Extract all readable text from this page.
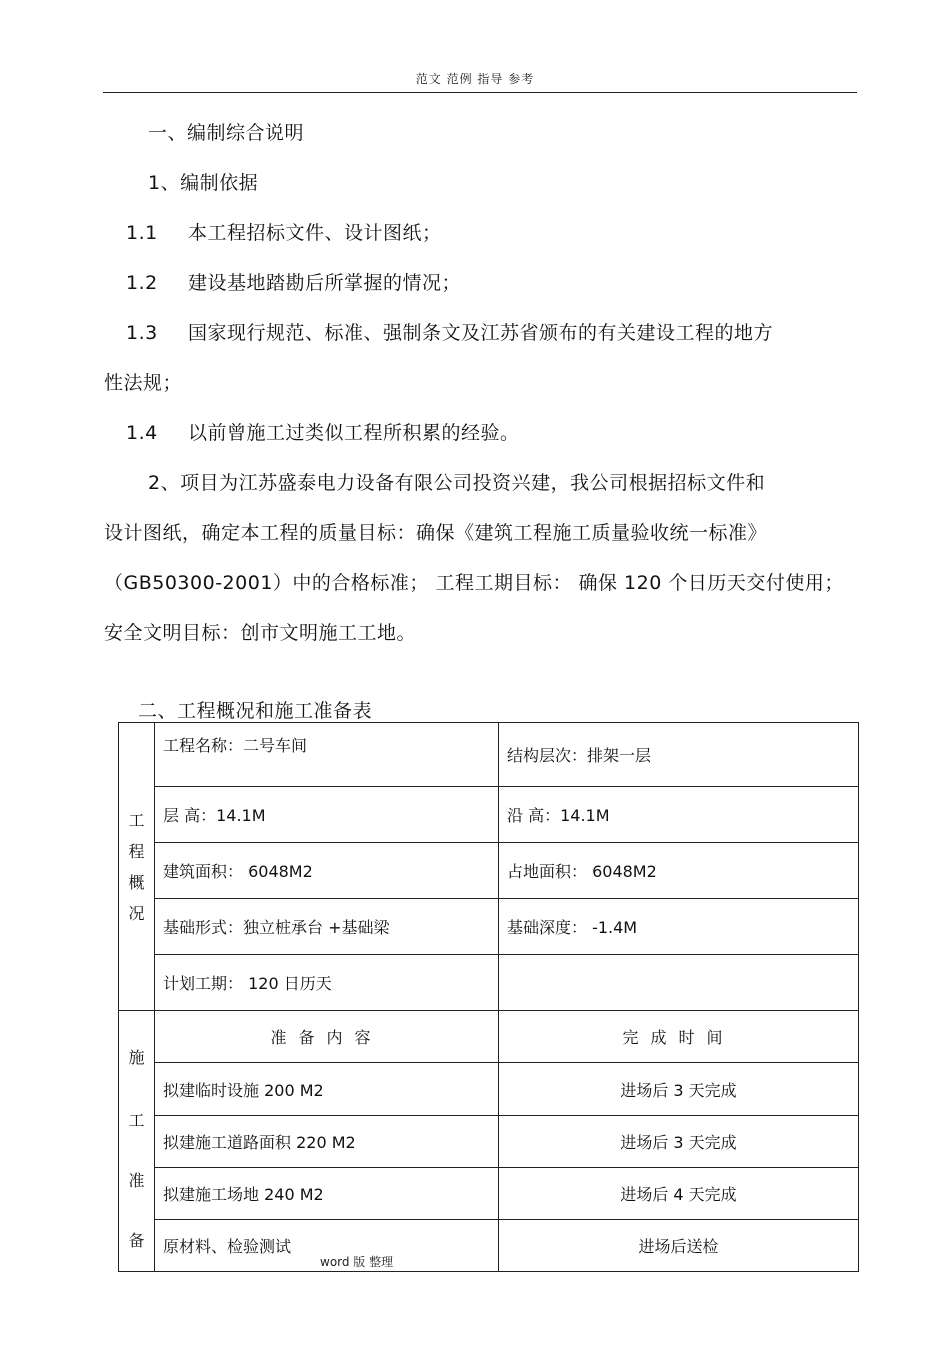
范文 范例 指导 参考
一、编制综合说明
1、编制依据
1.1 本工程招标文件、设计图纸；
1.2 建设基地踏勘后所掌握的情况；
1.3 国家现行规范、标准、强制条文及江苏省颁布的有关建设工程的地方
性法规；
1.4 以前曾施工过类似工程所积累的经验。
2、项目为江苏盛泰电力设备有限公司投资兴建，我公司根据招标文件和
设计图纸，确定本工程的质量目标：确保《建筑工程施工质量验收统一标准》
（GB50300-2001）中的合格标准； 工程工期目标： 确保 120 个日历天交付使用；
安全文明目标：创市文明施工工地。
二、工程概况和施工准备表
工
程
概
况	工程名称：二号车间	结构层次：排架一层
	层 高：14.1M	沿 高：14.1M
	建筑面积： 6048M2	占地面积： 6048M2
	基础形式：独立桩承台 +基础梁	基础深度： -1.4M
	计划工期： 120 日历天	

施
工
准
备	准备内容	完成时间
	拟建临时设施 200 M2	进场后 3 天完成
	拟建施工道路面积 220 M2	进场后 3 天完成
	拟建施工场地 240 M2	进场后 4 天完成
	原材料、检验测试	进场后送检
word 版 整理
